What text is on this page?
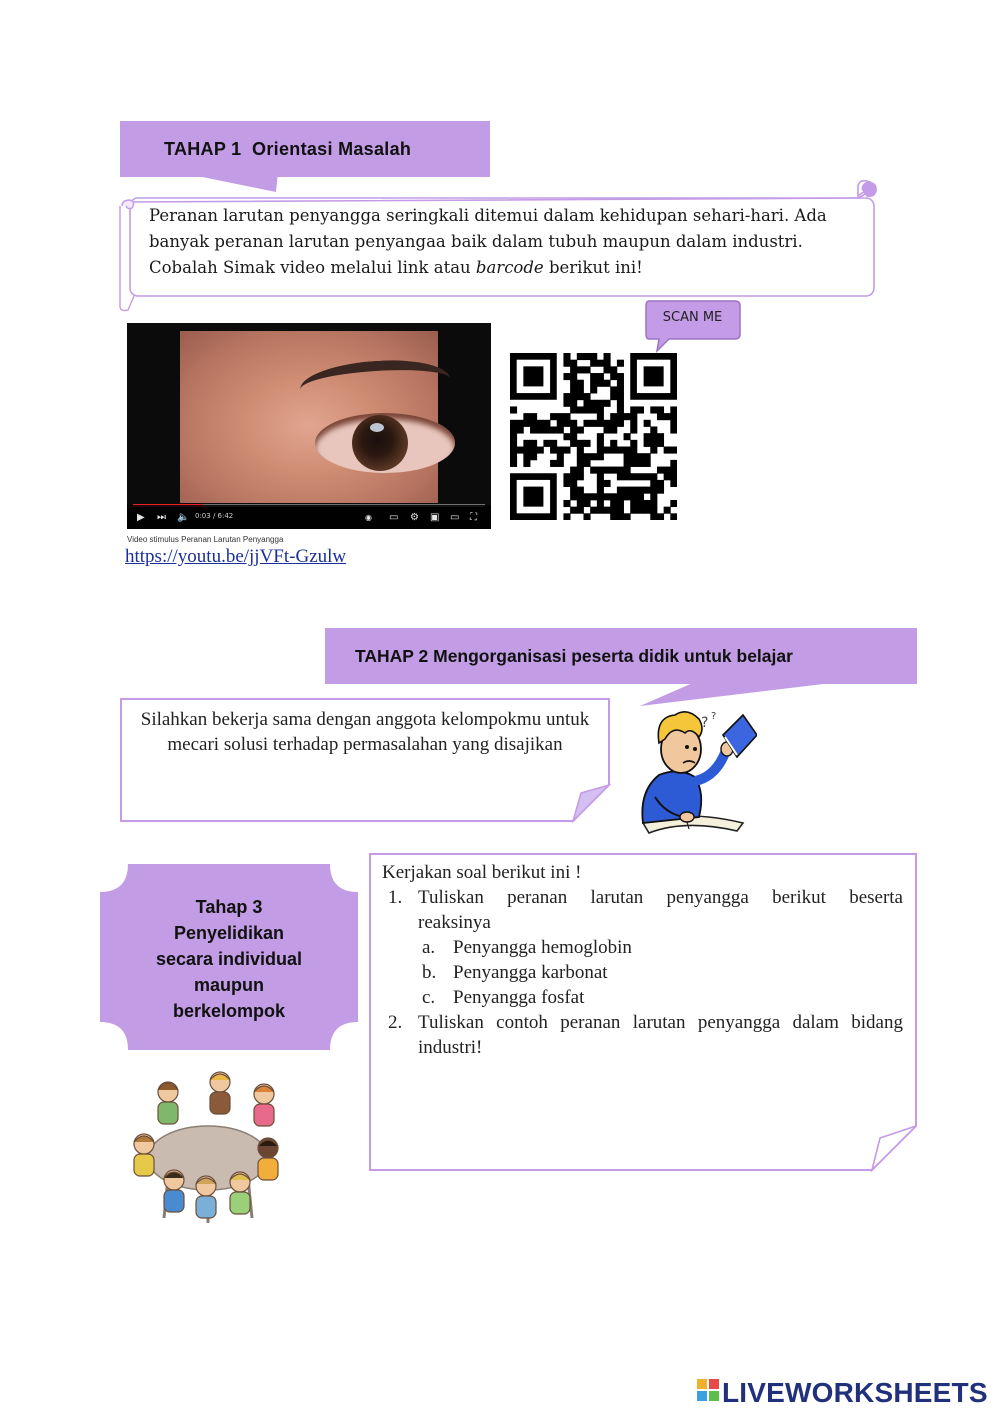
TAHAP 1  Orientasi Masalah
Peranan larutan penyangga seringkali ditemui dalam kehidupan sehari-hari. Ada banyak peranan larutan penyangaa baik dalam tubuh maupun dalam industri. Cobalah Simak video melalui link atau barcode berikut ini!
▶ ⏭ 🔈 0:03 / 6:42	◉ ▭ ⚙ ▣ ▭ ⛶
Video stimulus Peranan Larutan Penyangga
https://youtu.be/jjVFt-Gzulw
SCAN ME
TAHAP 2 Mengorganisasi peserta didik untuk belajar
Silahkan bekerja sama dengan anggota kelompokmu untuk mecari solusi terhadap permasalahan yang disajikan
? ?
Tahap 3
Penyelidikan
secara individual
maupun
berkelompok

Kerjakan soal berikut ini !

1. Tuliskan peranan larutan penyangga berikut beserta
reaksinya
a. Penyangga hemoglobin
b. Penyangga karbonat
c. Penyangga fosfat
2. Tuliskan contoh peranan larutan penyangga dalam bidang industri!
LIVEWORKSHEETS
